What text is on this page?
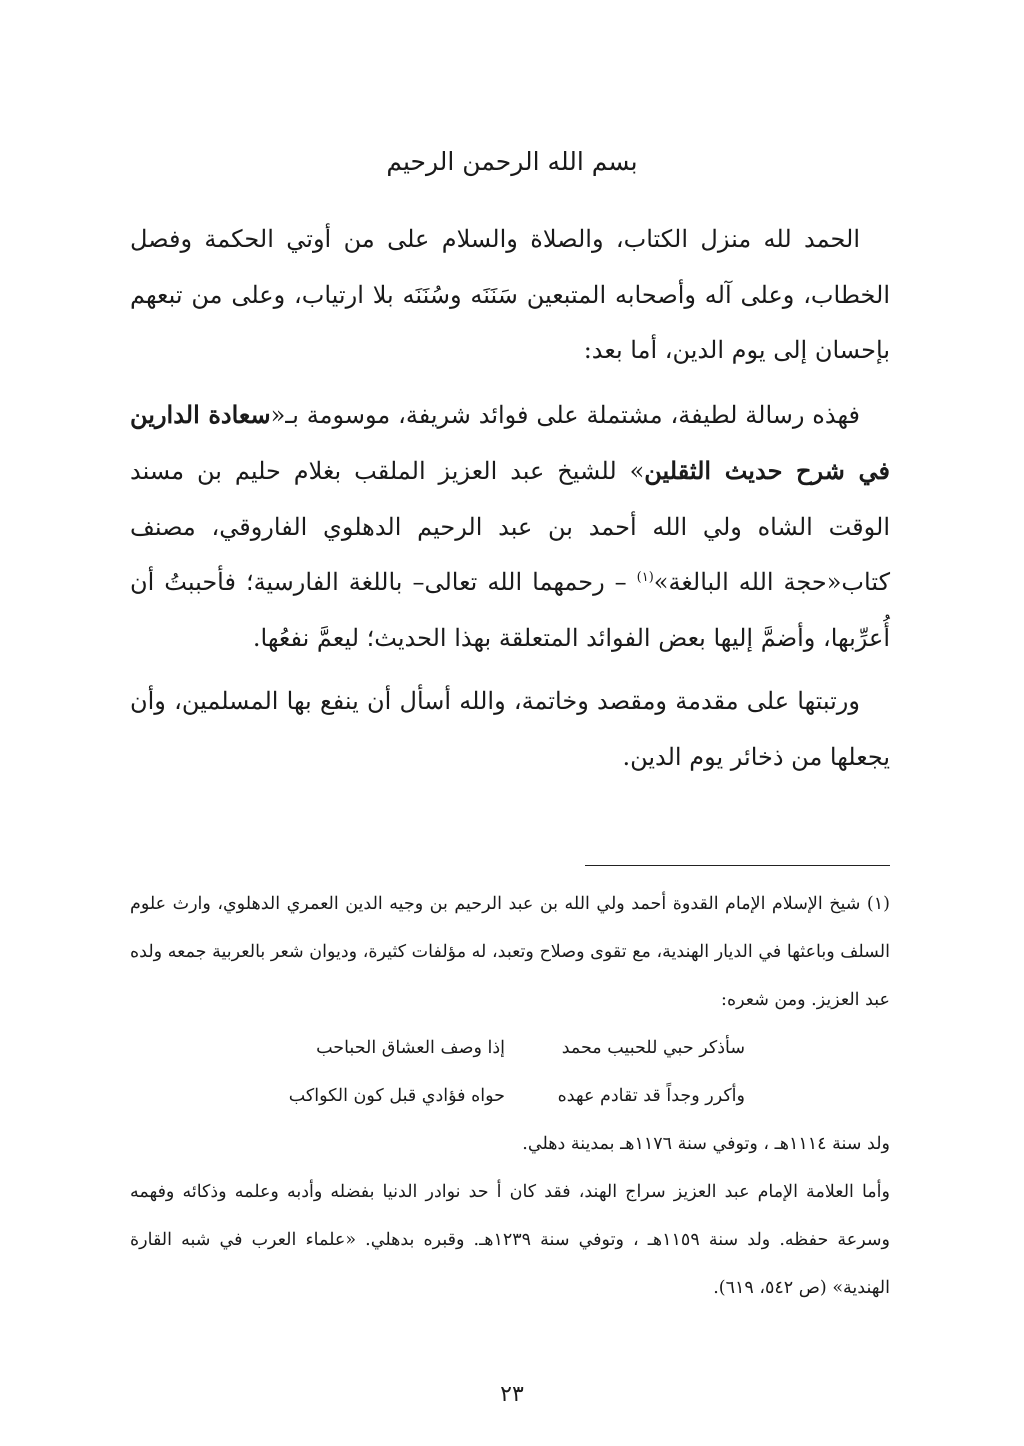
بسم الله الرحمن الرحيم

الحمد لله منزل الكتاب، والصلاة والسلام على من أوتي الحكمة وفصل الخطاب، وعلى آله وأصحابه المتبعين سَنَنَه وسُنَنَه بلا ارتياب، وعلى من تبعهم بإحسان إلى يوم الدين، أما بعد:

فهذه رسالة لطيفة، مشتملة على فوائد شريفة، موسومة بـ«سعادة الدارين في شرح حديث الثقلين» للشيخ عبد العزيز الملقب بغلام حليم بن مسند الوقت الشاه ولي الله أحمد بن عبد الرحيم الدهلوي الفاروقي، مصنف كتاب«حجة الله البالغة»$^{(١)}$ – رحمهما الله تعالى– باللغة الفارسية؛ فأحببتُ أن أُعرِّبها، وأضمَّ إليها بعض الفوائد المتعلقة بهذا الحديث؛ ليعمَّ نفعُها.

ورتبتها على مقدمة ومقصد وخاتمة، والله أسأل أن ينفع بها المسلمين، وأن يجعلها من ذخائر يوم الدين.

(١) شيخ الإسلام الإمام القدوة أحمد ولي الله بن عبد الرحيم بن وجيه الدين العمري الدهلوي، وارث علوم السلف وباعثها في الديار الهندية، مع تقوى وصلاح وتعبد، له مؤلفات كثيرة، وديوان شعر بالعربية جمعه ولده عبد العزيز. ومن شعره:

سأذكر حبي للحبيب محمد
إذا وصف العشاق الحباحب
وأكرر وجداً قد تقادم عهده
حواه فؤادي قبل كون الكواكب

ولد سنة ١١١٤هـ ، وتوفي سنة ١١٧٦هـ بمدينة دهلي.

وأما العلامة الإمام عبد العزيز سراج الهند، فقد كان أ حد نوادر الدنيا بفضله وأدبه وعلمه وذكائه وفهمه وسرعة حفظه. ولد سنة ١١٥٩هـ ، وتوفي سنة ١٢٣٩هـ. وقبره بدهلي. «علماء العرب في شبه القارة الهندية» (ص ٥٤٢، ٦١٩).

٢٣
